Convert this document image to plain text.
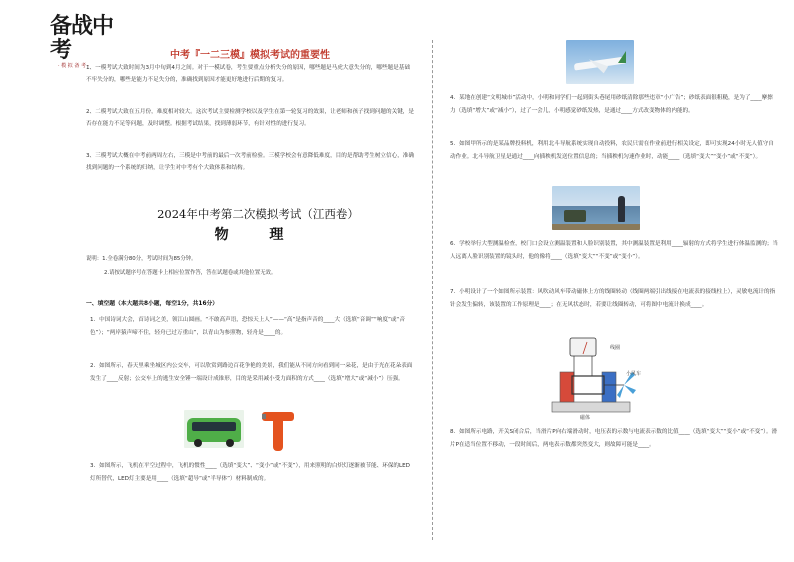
备战中考
· 模 拟 备 考 ·
中考『一二三模』模拟考试的重要性
1、一模考试大致时间为3月中旬到4月之间。对于一模试卷，考生要重点分析失分的原因，哪些题是马虎大意失分的，哪些题是基础不牢失分的，哪些是能力不足失分的，准确找到原因才能更好地进行后期的复习。
2、二模考试大致在五月份，难度相对较大。这次考试主要检测学校以及学生在第一轮复习的效果，让老师和孩子找到问题的关键，是否存在能力不足等问题，及时调整。根据考试结果，找到薄弱环节，有针对性的进行复习。
3、三模考试大概在中考前两周左右，三模是中考前的最后一次考前检验。三模学校会有意降低难度，目的是帮助考生树立信心，准确找到问题的一个系统的归纳，让学生对中考有个大致体系和结构。
2024年中考第二次模拟考试（江西卷）
物 理
说明：1.全卷满分80分，考试时间为85分钟。
2.请按试题序号在答题卡上相应位置作答，答在试题卷或其他位置无效。
一、填空题（本大题共8小题，每空1分，共16分）
1．中国诗词大会，首诗词之美，领江山圆画。“不敢高声语，恐惊天上人”——“高”是指声音的____大（选填“音调”“响度”或“音色”）；“两岸猿声啼不住，轻舟已过万重山”，以青山为参照物，轻舟是____的。
2．如图所示，春天里乘坐城区内公交车，可以欣赏到路边百花争艳的美景，我们能从不同方向看到同一朵花，是由于光在花朵表面发生了____反射；公交车上的逃生安全锤一端设计成锥形，目的是采用减小受力面积的方式____（选填“增大”或“减小”）压强。
3．如图所示，飞机在平空过程中，飞机的惯性____（选填“变大”、“变小”或“不变”），用来照明的白炽灯逐渐被节能、环保的LED灯所替代，LED灯主要是用____（选填“超导”或“半导体”）材料制成的。
4．某地在创建“文明城市”活动中，小明和同学们一起到街头巷尾用砂纸清除那些违章“小广告”；砂纸表面很粗糙，是为了____摩擦力（选填“增大”或“减小”），过了一会儿，小明感觉砂纸发热，是通过____方式改变物体的内能的。
5．如图甲所示的是某品牌投料机，利用北斗导航系统实现自动投料，农民只需在作业前进行相关设定，即可实现24小时无人值守自动作业。北斗导航卫星是通过____向插秧机发送位置信息的；当插秧机匀速作业时，动能____（选填“变大”“变小”或“不变”）。
6．学校举行大型测温检查，校门口会设立测温装置和人脸识别装置，其中测温装置是利用____辐射的方式将学生进行体温监测的；当人远离人脸识别装置的镜头时，他的像将____（选填“变大”“不变”或“变小”）。
7．小明设计了一个如图所示装置：风吹动风车带动磁体上方的线圈转动（线圈两端引出线接在电流表的接线柱上），灵敏电流计的指针会发生偏转，该装置的工作原理是____；在无风状态时，若要让线圈转动，可将图中电流计换成____。
线圈
小风车
磁体
8．如图所示电路，开关S闭合后，当滑片P向右端滑动时，电压表的示数与电流表示数的比值____（选填“变大”“变小”或“不变”）。滑片P在适当位置不移动，一段时间后，两电表示数都突然变大，则故障可能是____。
